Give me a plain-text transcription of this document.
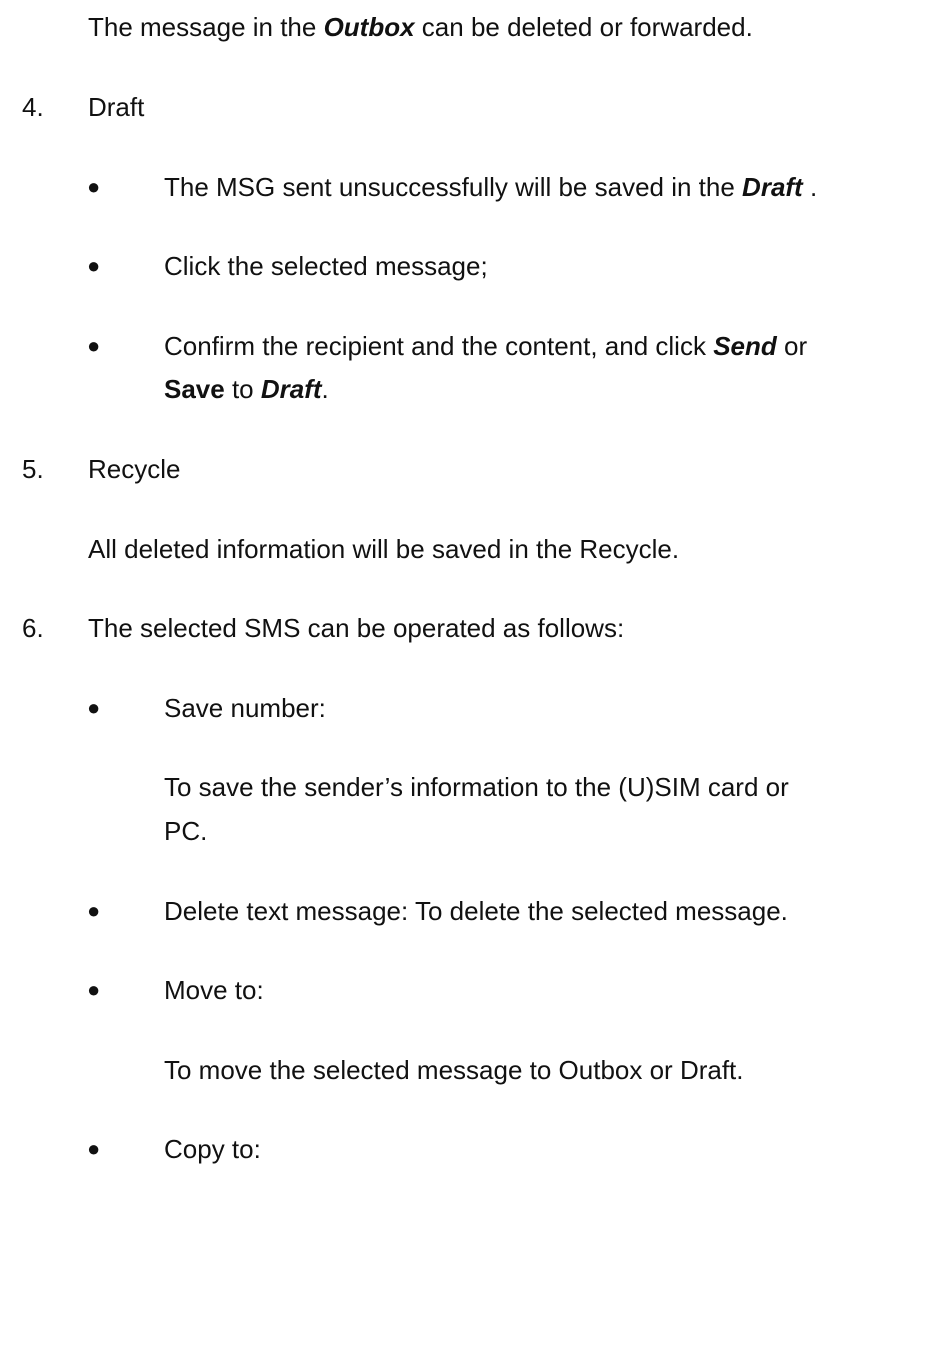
The message in the Outbox can be deleted or forwarded.
4. Draft
● The MSG sent unsuccessfully will be saved in the Draft .
● Click the selected message;
● Confirm the recipient and the content, and click Send or
Save to Draft.
5. Recycle
All deleted information will be saved in the Recycle.
6. The selected SMS can be operated as follows:
● Save number:
To save the sender’s information to the (U)SIM card or
PC.
● Delete text message: To delete the selected message.
● Move to:
To move the selected message to Outbox or Draft.
● Copy to:
